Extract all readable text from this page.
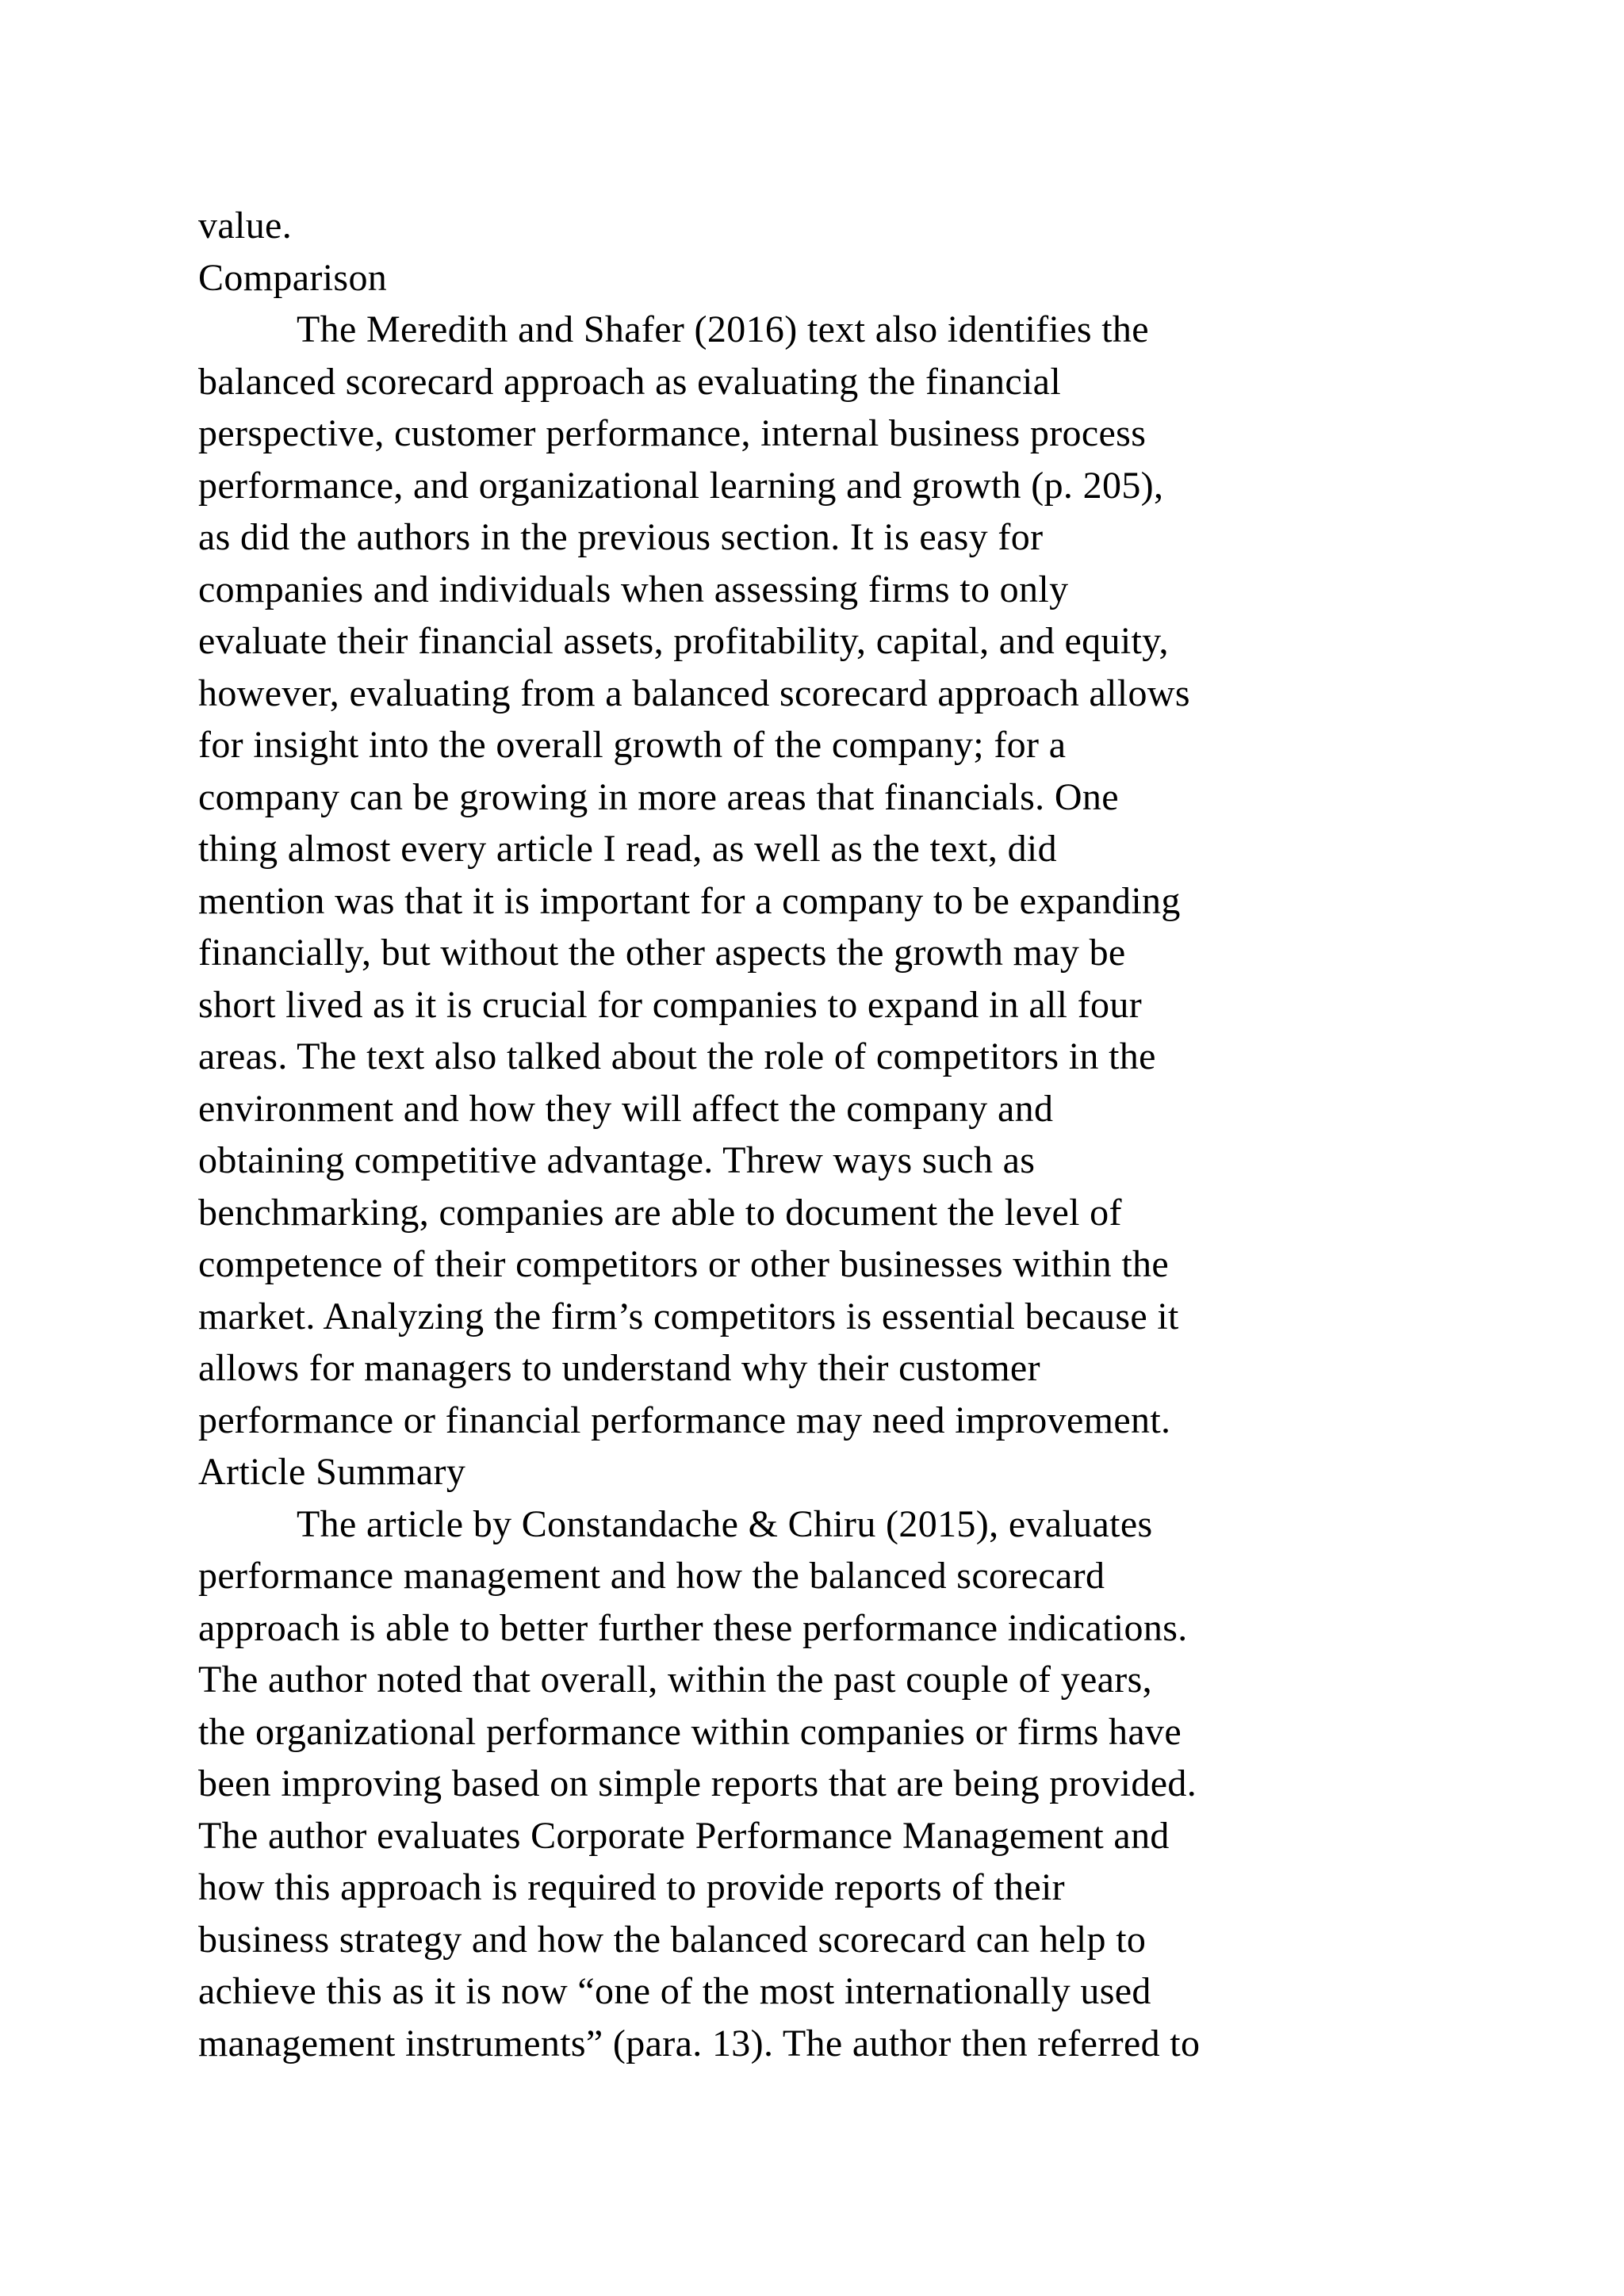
value.
Comparison
The Meredith and Shafer (2016) text also identifies the
balanced scorecard approach as evaluating the financial
perspective, customer performance, internal business process
performance, and organizational learning and growth (p. 205),
as did the authors in the previous section. It is easy for
companies and individuals when assessing firms to only
evaluate their financial assets, profitability, capital, and equity,
however, evaluating from a balanced scorecard approach allows
for insight into the overall growth of the company; for a
company can be growing in more areas that financials. One
thing almost every article I read, as well as the text, did
mention was that it is important for a company to be expanding
financially, but without the other aspects the growth may be
short lived as it is crucial for companies to expand in all four
areas. The text also talked about the role of competitors in the
environment and how they will affect the company and
obtaining competitive advantage. Threw ways such as
benchmarking, companies are able to document the level of
competence of their competitors or other businesses within the
market. Analyzing the firm’s competitors is essential because it
allows for managers to understand why their customer
performance or financial performance may need improvement.
Article Summary
The article by Constandache & Chiru (2015), evaluates
performance management and how the balanced scorecard
approach is able to better further these performance indications.
The author noted that overall, within the past couple of years,
the organizational performance within companies or firms have
been improving based on simple reports that are being provided.
The author evaluates Corporate Performance Management and
how this approach is required to provide reports of their
business strategy and how the balanced scorecard can help to
achieve this as it is now “one of the most internationally used
management instruments” (para. 13). The author then referred to
